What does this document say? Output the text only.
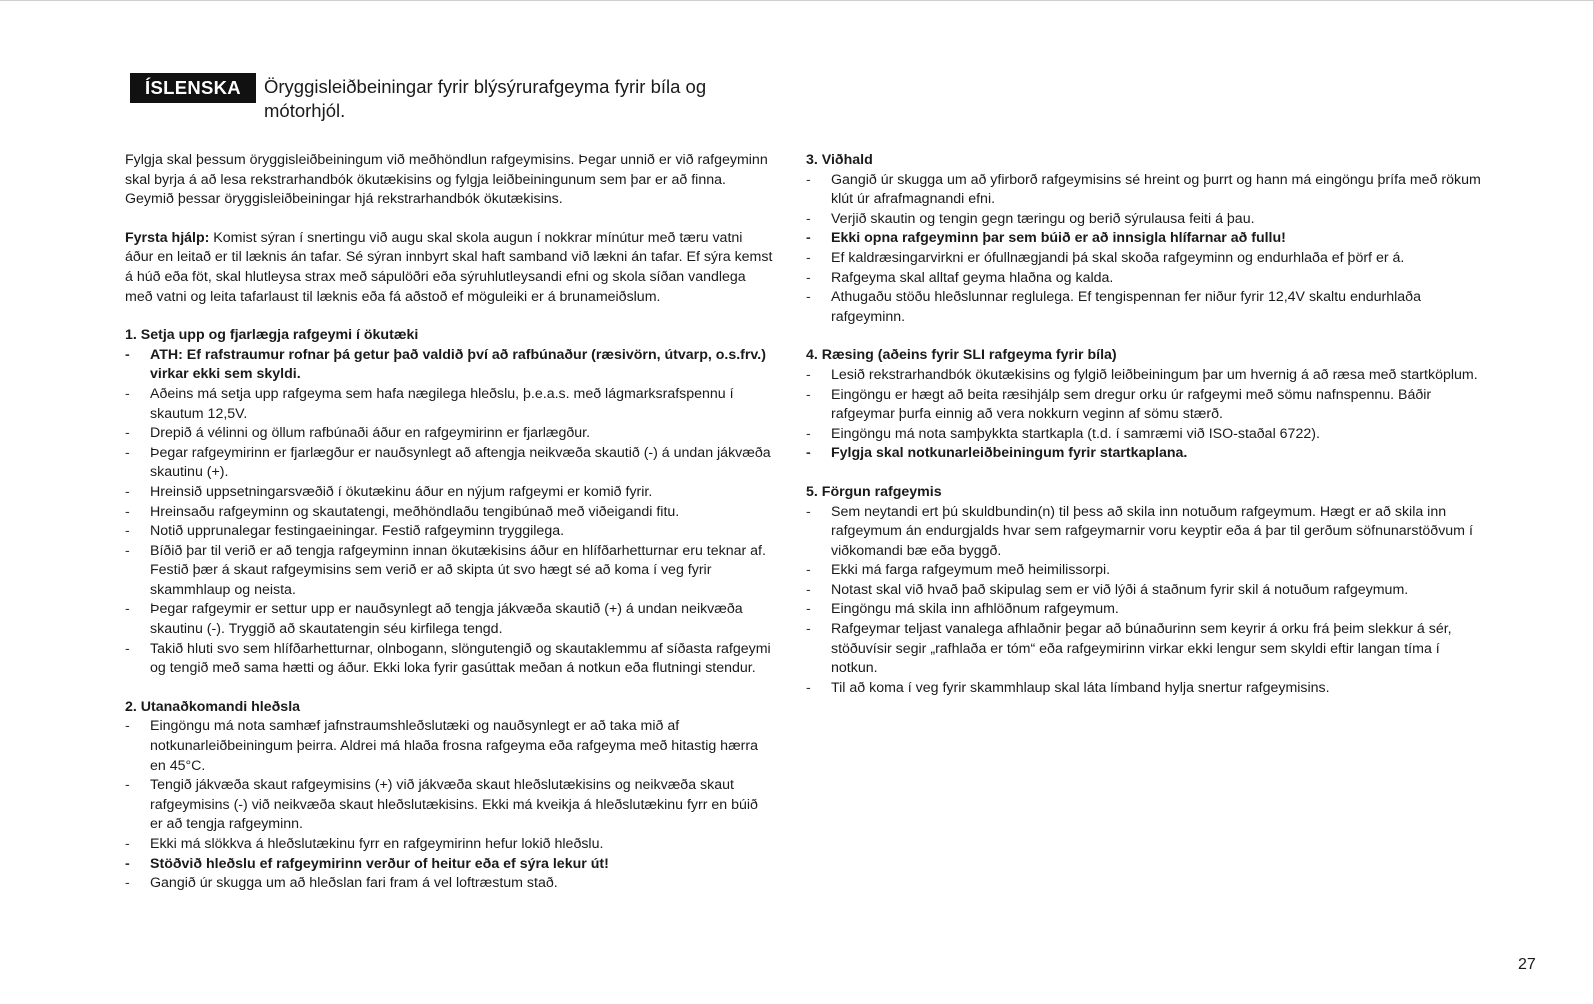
ÍSLENSKA	Öryggisleiðbeiningar fyrir blýsýrurafgeyma fyrir bíla og mótorhjól.

Fylgja skal þessum öryggisleiðbeiningum við meðhöndlun rafgeymisins. Þegar unnið er við rafgeyminn skal byrja á að lesa rekstrarhandbók ökutækisins og fylgja leiðbeiningunum sem þar er að finna. Geymið þessar öryggisleiðbeiningar hjá rekstrarhandbók ökutækisins.

Fyrsta hjálp: Komist sýran í snertingu við augu skal skola augun í nokkrar mínútur með tæru vatni áður en leitað er til læknis án tafar. Sé sýran innbyrt skal haft samband við lækni án tafar. Ef sýra kemst á húð eða föt, skal hlutleysa strax með sápulöðri eða sýruhlutleysandi efni og skola síðan vandlega með vatni og leita tafarlaust til læknis eða fá aðstoð ef möguleiki er á brunameiðslum.

1. Setja upp og fjarlægja rafgeymi í ökutæki

- ATH: Ef rafstraumur rofnar þá getur það valdið því að rafbúnaður (ræsivörn, útvarp, o.s.frv.) virkar ekki sem skyldi.
- Aðeins má setja upp rafgeyma sem hafa nægilega hleðslu, þ.e.a.s. með lágmarksrafspennu í skautum 12,5V.
- Drepið á vélinni og öllum rafbúnaði áður en rafgeymirinn er fjarlægður.
- Þegar rafgeymirinn er fjarlægður er nauðsynlegt að aftengja neikvæða skautið (-) á undan jákvæða skautinu (+).
- Hreinsið uppsetningarsvæðið í ökutækinu áður en nýjum rafgeymi er komið fyrir.
- Hreinsaðu rafgeyminn og skautatengi, meðhöndlaðu tengibúnað með viðeigandi fitu.
- Notið upprunalegar festingaeiningar. Festið rafgeyminn tryggilega.
- Bíðið þar til verið er að tengja rafgeyminn innan ökutækisins áður en hlífðarhetturnar eru teknar af. Festið þær á skaut rafgeymisins sem verið er að skipta út svo hægt sé að koma í veg fyrir skammhlaup og neista.
- Þegar rafgeymir er settur upp er nauðsynlegt að tengja jákvæða skautið (+) á undan neikvæða skautinu (-). Tryggið að skautatengin séu kirfilega tengd.
- Takið hluti svo sem hlífðarhetturnar, olnbogann, slöngutengið og skautaklemmu af síðasta rafgeymi og tengið með sama hætti og áður. Ekki loka fyrir gasúttak meðan á notkun eða flutningi stendur.

2. Utanaðkomandi hleðsla

- Eingöngu má nota samhæf jafnstraumshleðslutæki og nauðsynlegt er að taka mið af notkunarleiðbeiningum þeirra. Aldrei má hlaða frosna rafgeyma eða rafgeyma með hitastig hærra en 45°C.
- Tengið jákvæða skaut rafgeymisins (+) við jákvæða skaut hleðslutækisins og neikvæða skaut rafgeymisins (-) við neikvæða skaut hleðslutækisins. Ekki má kveikja á hleðslutækinu fyrr en búið er að tengja rafgeyminn.
- Ekki má slökkva á hleðslutækinu fyrr en rafgeymirinn hefur lokið hleðslu.
- Stöðvið hleðslu ef rafgeymirinn verður of heitur eða ef sýra lekur út!
- Gangið úr skugga um að hleðslan fari fram á vel loftræstum stað.

3. Viðhald

- Gangið úr skugga um að yfirborð rafgeymisins sé hreint og þurrt og hann má eingöngu þrífa með rökum klút úr afrafmagnandi efni.
- Verjið skautin og tengin gegn tæringu og berið sýrulausa feiti á þau.
- Ekki opna rafgeyminn þar sem búið er að innsigla hlífarnar að fullu!
- Ef kaldræsingarvirkni er ófullnægjandi þá skal skoða rafgeyminn og endurhlaða ef þörf er á.
- Rafgeyma skal alltaf geyma hlaðna og kalda.
- Athugaðu stöðu hleðslunnar reglulega. Ef tengispennan fer niður fyrir 12,4V skaltu endurhlaða rafgeyminn.

4. Ræsing (aðeins fyrir SLI rafgeyma fyrir bíla)

- Lesið rekstrarhandbók ökutækisins og fylgið leiðbeiningum þar um hvernig á að ræsa með startköplum.
- Eingöngu er hægt að beita ræsihjálp sem dregur orku úr rafgeymi með sömu nafnspennu. Báðir rafgeymar þurfa einnig að vera nokkurn veginn af sömu stærð.
- Eingöngu má nota samþykkta startkapla (t.d. í samræmi við ISO-staðal 6722).
- Fylgja skal notkunarleiðbeiningum fyrir startkaplana.

5. Förgun rafgeymis

- Sem neytandi ert þú skuldbundin(n) til þess að skila inn notuðum rafgeymum. Hægt er að skila inn rafgeymum án endurgjalds hvar sem rafgeymarnir voru keyptir eða á þar til gerðum söfnunarstöðvum í viðkomandi bæ eða byggð.
- Ekki má farga rafgeymum með heimilissorpi.
- Notast skal við hvað það skipulag sem er við lýði á staðnum fyrir skil á notuðum rafgeymum.
- Eingöngu má skila inn afhlöðnum rafgeymum.
- Rafgeymar teljast vanalega afhlaðnir þegar að búnaðurinn sem keyrir á orku frá þeim slekkur á sér, stöðuvísir segir „rafhlaða er tóm“ eða rafgeymirinn virkar ekki lengur sem skyldi eftir langan tíma í notkun.
- Til að koma í veg fyrir skammhlaup skal láta límband hylja snertur rafgeymisins.
27
